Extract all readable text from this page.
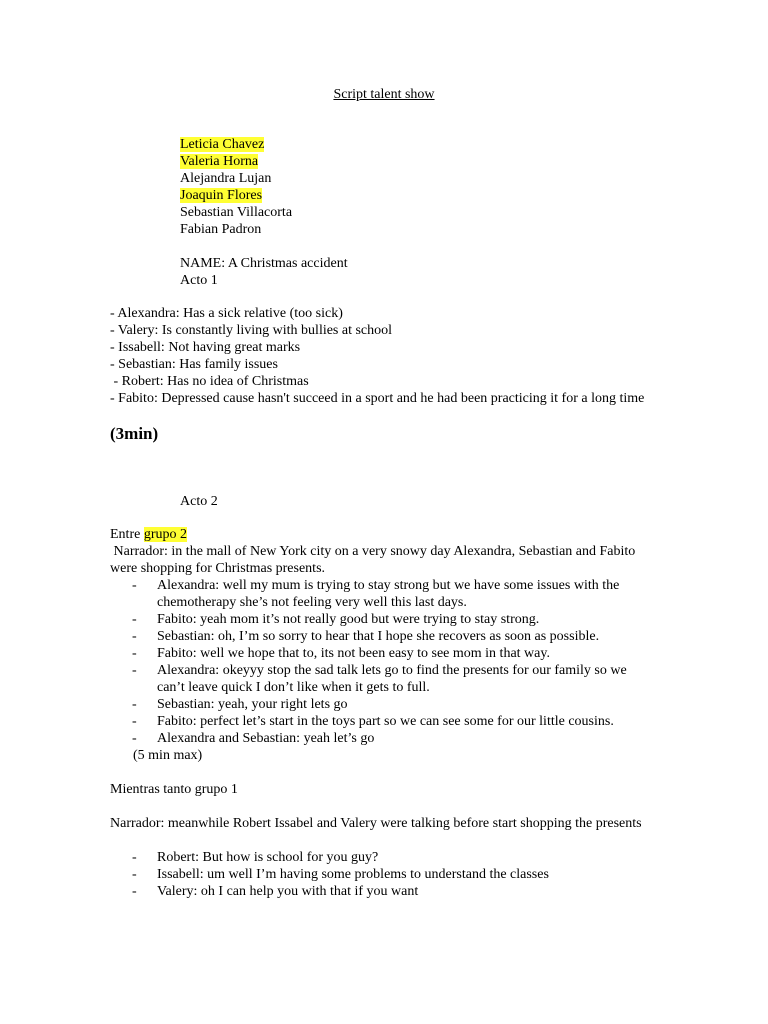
Script talent show
Leticia Chavez
Valeria Horna
Alejandra Lujan
Joaquin Flores
Sebastian Villacorta
Fabian Padron
NAME: A Christmas accident
Acto 1
- Alexandra: Has a sick relative (too sick)
- Valery: Is constantly living with bullies at school
- Issabell: Not having great marks
- Sebastian: Has family issues
- Robert: Has no idea of Christmas
- Fabito: Depressed cause hasn't succeed in a sport and he had been practicing it for a long time
(3min)
Acto 2
Entre grupo 2
Narrador: in the mall of New York city on a very snowy day Alexandra, Sebastian and Fabito were shopping for Christmas presents.
- Alexandra: well my mum is trying to stay strong but we have some issues with the chemotherapy she’s not feeling very well this last days.
- Fabito: yeah mom it’s not really good but were trying to stay strong.
- Sebastian: oh, I’m so sorry to hear that I hope she recovers as soon as possible.
- Fabito: well we hope that to, its not been easy to see mom in that way.
- Alexandra: okeyyy stop the sad talk lets go to find the presents for our family so we can’t leave quick I don’t like when it gets to full.
- Sebastian: yeah, your right lets go
- Fabito: perfect let’s start in the toys part so we can see some for our little cousins.
- Alexandra and Sebastian: yeah let’s go
(5 min max)
Mientras tanto grupo 1
Narrador: meanwhile Robert Issabel and Valery were talking before start shopping the presents
- Robert: But how is school for you guy?
- Issabell: um well I’m having some problems to understand the classes
- Valery: oh I can help you with that if you want
